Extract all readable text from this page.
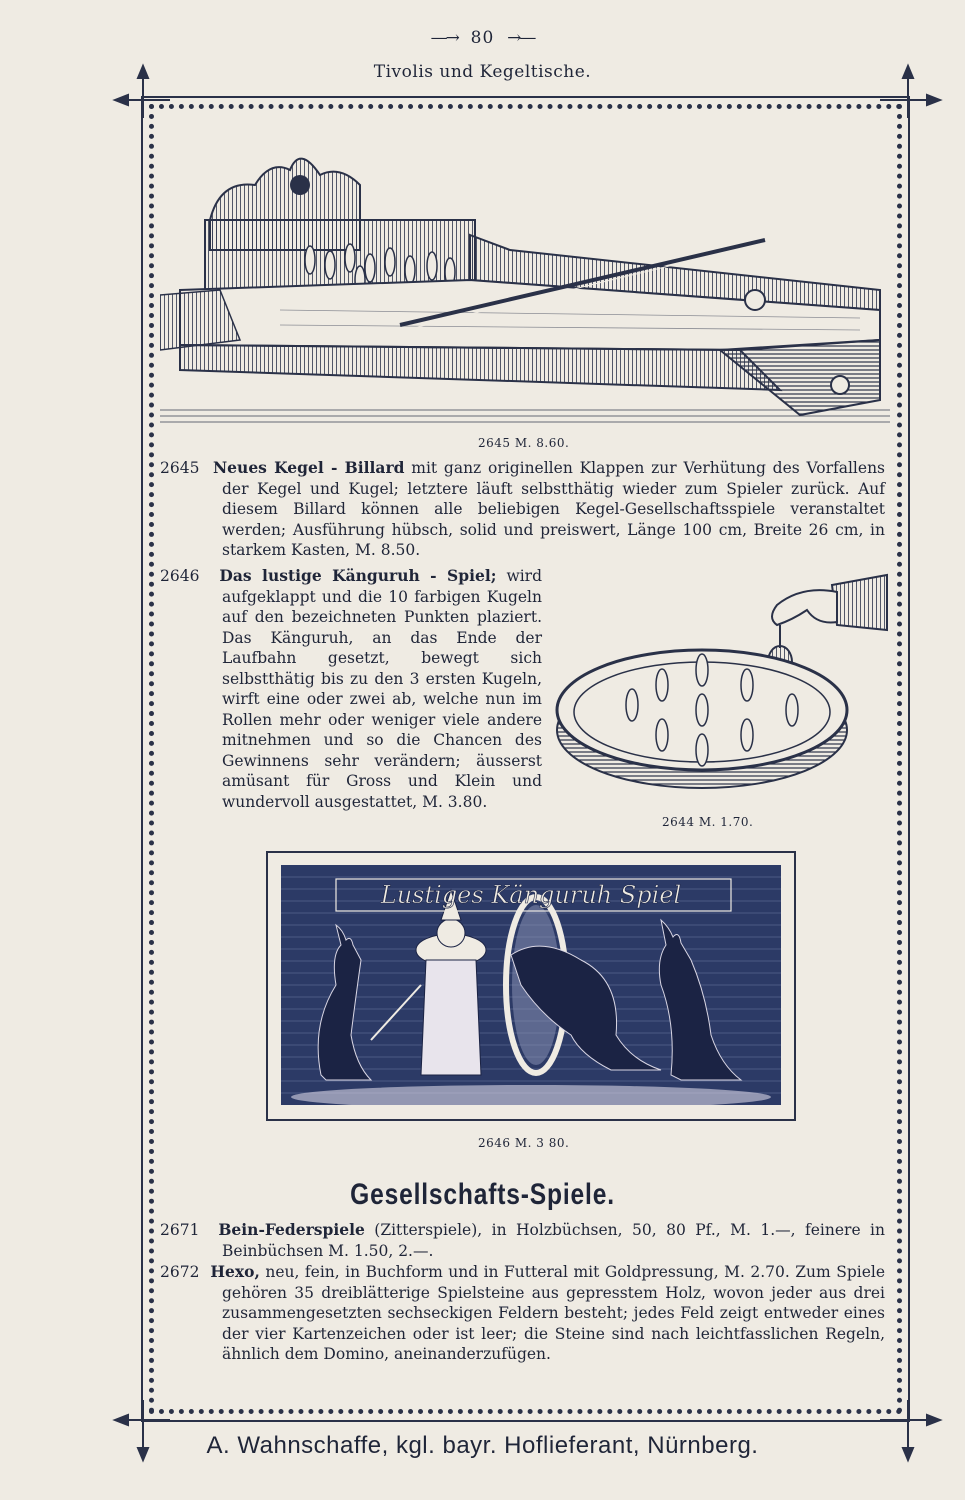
—→ 80 →—
Tivolis und Kegeltische.
2645 M. 8.60.

2645 Neues Kegel - Billard mit ganz originellen Klappen zur Verhütung des Vorfallens der Kegel und Kugel; letztere läuft selbstthätig wieder zum Spieler zurück. Auf diesem Billard können alle beliebigen Kegel-Gesellschaftsspiele veranstaltet werden; Ausführung hübsch, solid und preiswert, Länge 100 cm, Breite 26 cm, in starkem Kasten, M. 8.50.

2646 Das lustige Känguruh - Spiel; wird aufgeklappt und die 10 farbigen Kugeln auf den bezeichneten Punkten plaziert. Das Känguruh, an das Ende der Laufbahn gesetzt, bewegt sich selbstthätig bis zu den 3 ersten Kugeln, wirft eine oder zwei ab, welche nun im Rollen mehr oder weniger viele andere mitnehmen und so die Chancen des Gewinnens sehr verändern; äusserst amüsant für Gross und Klein und wundervoll ausgestattet, M. 3.80.

2644 M. 1.70.
Lustiges Känguruh Spiel
2646 M. 3 80.
Gesellschafts-Spiele.

2671 Bein-Federspiele (Zitterspiele), in Holzbüchsen, 50, 80 Pf., M. 1.—, feinere in Beinbüchsen M. 1.50, 2.—.

2672 Hexo, neu, fein, in Buchform und in Futteral mit Goldpressung, M. 2.70. Zum Spiele gehören 35 dreiblätterige Spielsteine aus gepresstem Holz, wovon jeder aus drei zusammengesetzten sechseckigen Feldern besteht; jedes Feld zeigt entweder eines der vier Kartenzeichen oder ist leer; die Steine sind nach leichtfasslichen Regeln, ähnlich dem Domino, aneinanderzufügen.

A. Wahnschaffe, kgl. bayr. Hoflieferant, Nürnberg.
